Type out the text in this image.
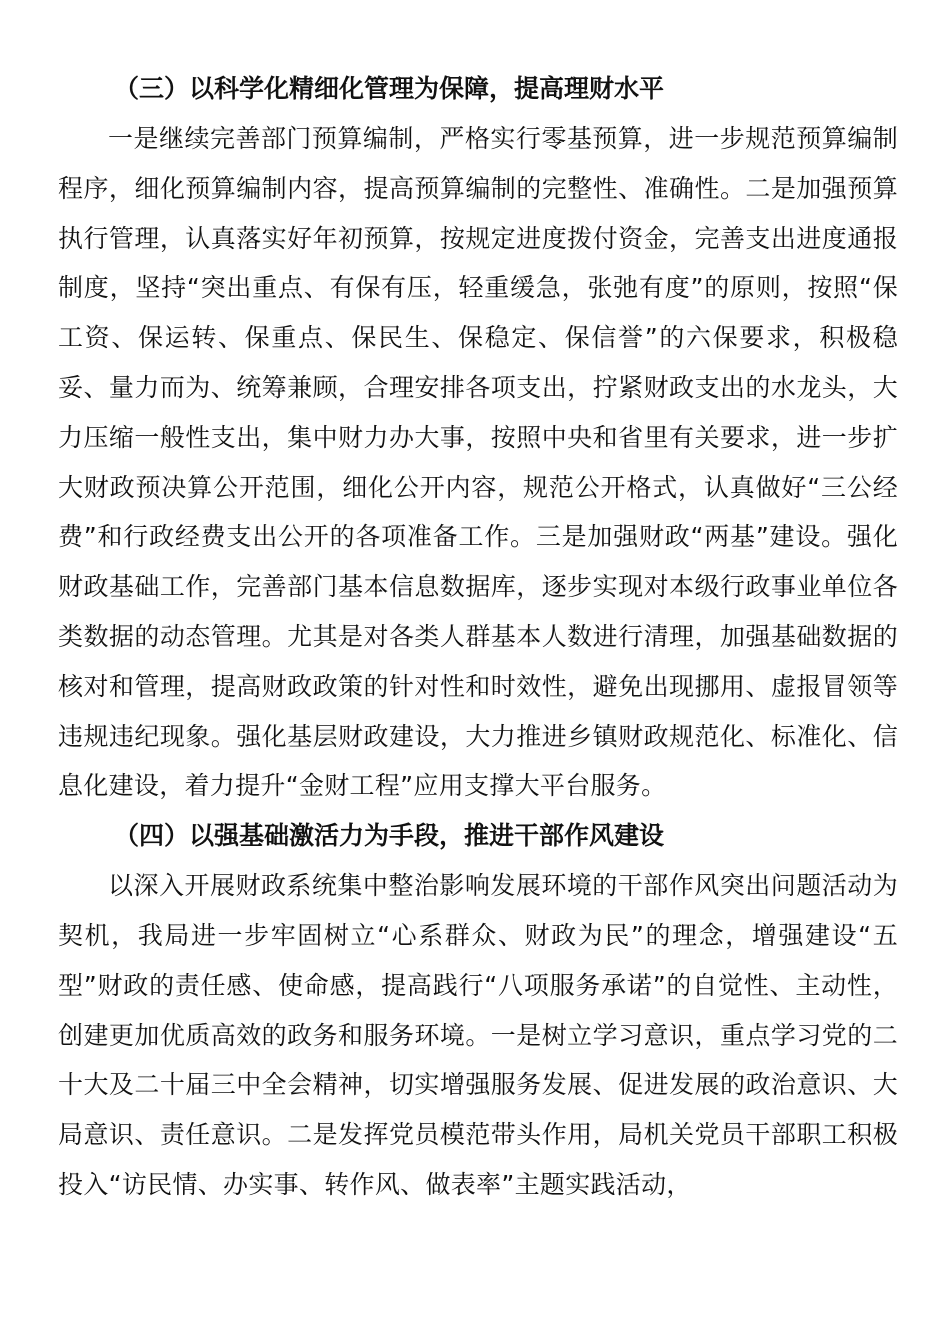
（三）以科学化精细化管理为保障，提高理财水平

一是继续完善部门预算编制，严格实行零基预算，进一步规范预算编制程序，细化预算编制内容，提高预算编制的完整性、准确性。二是加强预算执行管理，认真落实好年初预算，按规定进度拨付资金，完善支出进度通报制度，坚持“突出重点、有保有压，轻重缓急，张弛有度”的原则，按照“保工资、保运转、保重点、保民生、保稳定、保信誉”的六保要求，积极稳妥、量力而为、统筹兼顾，合理安排各项支出，拧紧财政支出的水龙头，大力压缩一般性支出，集中财力办大事，按照中央和省里有关要求，进一步扩大财政预决算公开范围，细化公开内容，规范公开格式，认真做好“三公经费”和行政经费支出公开的各项准备工作。三是加强财政“两基”建设。强化财政基础工作，完善部门基本信息数据库，逐步实现对本级行政事业单位各类数据的动态管理。尤其是对各类人群基本人数进行清理，加强基础数据的核对和管理，提高财政政策的针对性和时效性，避免出现挪用、虚报冒领等违规违纪现象。强化基层财政建设，大力推进乡镇财政规范化、标准化、信息化建设，着力提升“金财工程”应用支撑大平台服务。

（四）以强基础激活力为手段，推进干部作风建设

以深入开展财政系统集中整治影响发展环境的干部作风突出问题活动为契机，我局进一步牢固树立“心系群众、财政为民”的理念，增强建设“五型”财政的责任感、使命感，提高践行“八项服务承诺”的自觉性、主动性，创建更加优质高效的政务和服务环境。一是树立学习意识，重点学习党的二十大及二十届三中全会精神，切实增强服务发展、促进发展的政治意识、大局意识、责任意识。二是发挥党员模范带头作用，局机关党员干部职工积极投入“访民情、办实事、转作风、做表率”主题实践活动，
